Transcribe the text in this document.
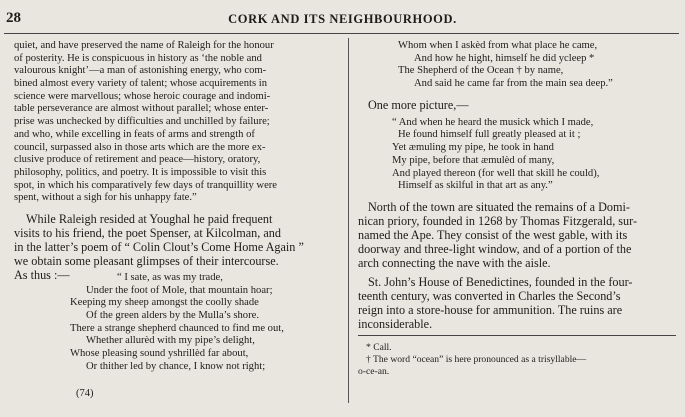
28	CORK AND ITS NEIGHBOURHOOD.
quiet, and have preserved the name of Raleigh for the honour
of posterity. He is conspicuous in history as ‘the noble and
valourous knight’—a man of astonishing energy, who com-
bined almost every variety of talent; whose acquirements in
science were marvellous; whose heroic courage and indomi-
table perseverance are almost without parallel; whose enter-
prise was unchecked by difficulties and unchilled by failure;
and who, while excelling in feats of arms and strength of
council, surpassed also in those arts which are the more ex-
clusive produce of retirement and peace—history, oratory,
philosophy, politics, and poetry. It is impossible to visit this
spot, in which his comparatively few days of tranquillity were
spent, without a sigh for his unhappy fate.”
While Raleigh resided at Youghal he paid frequent
visits to his friend, the poet Spenser, at Kilcolman, and
in the latter’s poem of “ Colin Clout’s Come Home Again ”
we obtain some pleasant glimpses of their intercourse.
As thus :—	“ I sate, as was my trade,
Under the foot of Mole, that mountain hoar;
Keeping my sheep amongst the coolly shade
Of the green alders by the Mulla’s shore.
There a strange shepherd chaunced to find me out,
Whether allurèd with my pipe’s delight,
Whose pleasing sound yshrillèd far about,
Or thither led by chance, I know not right;
(74)
Whom when I askèd from what place he came,
And how he hight, himself he did ycleep *
The Shepherd of the Ocean † by name,
And said he came far from the main sea deep.”
One more picture,—
“ And when he heard the musick which I made,
He found himself full greatly pleased at it ;
Yet æmuling my pipe, he took in hand
My pipe, before that æmulèd of many,
And played thereon (for well that skill he could),
Himself as skilful in that art as any.”
North of the town are situated the remains of a Domi-
nican priory, founded in 1268 by Thomas Fitzgerald, sur-
named the Ape. They consist of the west gable, with its
doorway and three-light window, and of a portion of the
arch connecting the nave with the aisle.
St. John’s House of Benedictines, founded in the four-
teenth century, was converted in Charles the Second’s
reign into a store-house for ammunition. The ruins are
inconsiderable.
* Call.
† The word “ocean” is here pronounced as a trisyllable—
o-ce-an.
